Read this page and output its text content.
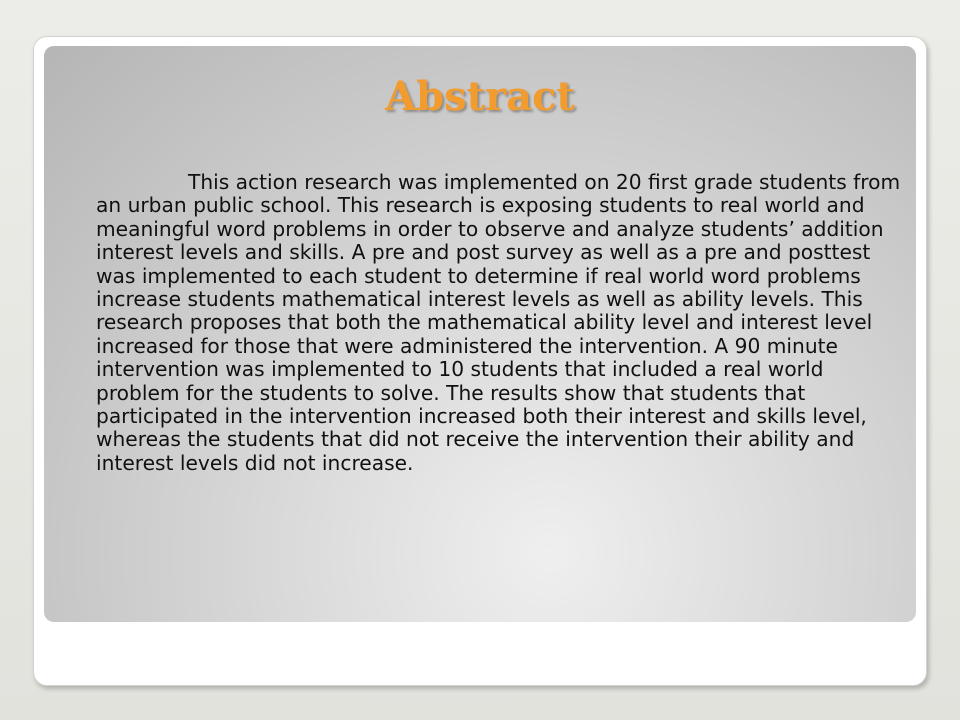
Abstract

This action research was implemented on 20 first grade students from an urban public school. This research is exposing students to real world and meaningful word problems in order to observe and analyze students’ addition interest levels and skills. A pre and post survey as well as a pre and posttest was implemented to each student to determine if real world word problems increase students mathematical interest levels as well as ability levels. This research proposes that both the mathematical ability level and interest level increased for those that were administered the intervention. A 90 minute intervention was implemented to 10 students that included a real world problem for the students to solve. The results show that students that participated in the intervention increased both their interest and skills level, whereas the students that did not receive the intervention their ability and interest levels did not increase.
